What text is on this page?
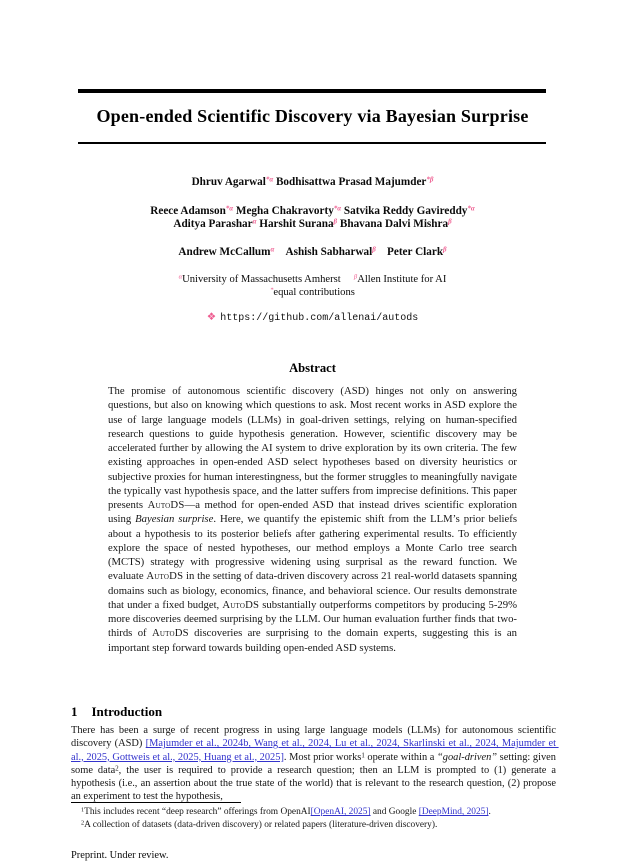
Open-ended Scientific Discovery via Bayesian Surprise
Dhruv Agarwal$^{*\alpha}$ Bodhisattwa Prasad Majumder$^{*\beta}$
Reece Adamson$^{*\alpha}$ Megha Chakravorty$^{*\alpha}$ Satvika Reddy Gavireddy$^{*\alpha}$
Aditya Parashar$^\alpha$ Harshit Surana$^\beta$ Bhavana Dalvi Mishra$^\beta$
Andrew McCallum$^\alpha$ Ashish Sabharwal$^\beta$ Peter Clark$^\beta$
$^\alpha$University of Massachusetts Amherst $^\beta$Allen Institute for AI
*equal contributions
❖ https://github.com/allenai/autods
Abstract

The promise of autonomous scientific discovery (ASD) hinges not only on answering questions, but also on knowing which questions to ask. Most recent works in ASD explore the use of large language models (LLMs) in goal-driven settings, relying on human-specified research questions to guide hypothesis generation. However, scientific discovery may be accelerated further by allowing the AI system to drive exploration by its own criteria. The few existing approaches in open-ended ASD select hypotheses based on diversity heuristics or subjective proxies for human interestingness, but the former struggles to meaningfully navigate the typically vast hypothesis space, and the latter suffers from imprecise definitions. This paper presents AutoDS—a method for open-ended ASD that instead drives scientific exploration using Bayesian surprise. Here, we quantify the epistemic shift from the LLM’s prior beliefs about a hypothesis to its posterior beliefs after gathering experimental results. To efficiently explore the space of nested hypotheses, our method employs a Monte Carlo tree search (MCTS) strategy with progressive widening using surprisal as the reward function. We evaluate AutoDS in the setting of data-driven discovery across 21 real-world datasets spanning domains such as biology, economics, finance, and behavioral science. Our results demonstrate that under a fixed budget, AutoDS substantially outperforms competitors by producing 5-29% more discoveries deemed surprising by the LLM. Our human evaluation further finds that two-thirds of AutoDS discoveries are surprising to the domain experts, suggesting this is an important step forward towards building open-ended ASD systems.

1 Introduction

There has been a surge of recent progress in using large language models (LLMs) for autonomous scientific discovery (ASD) [Majumder et al., 2024b, Wang et al., 2024, Lu et al., 2024, Skarlinski et al., 2024, Majumder et al., 2025, Gottweis et al., 2025, Huang et al., 2025]. Most prior works$^1$ operate within a “goal-driven” setting: given some data$^2$, the user is required to provide a research question; then an LLM is prompted to (1) generate a hypothesis (i.e., an assertion about the true state of the world) that is relevant to the research question, (2) propose an experiment to test the hypothesis,

$^1$This includes recent “deep research” offerings from OpenAI[OpenAI, 2025] and Google [DeepMind, 2025].

$^2$A collection of datasets (data-driven discovery) or related papers (literature-driven discovery).

Preprint. Under review.
